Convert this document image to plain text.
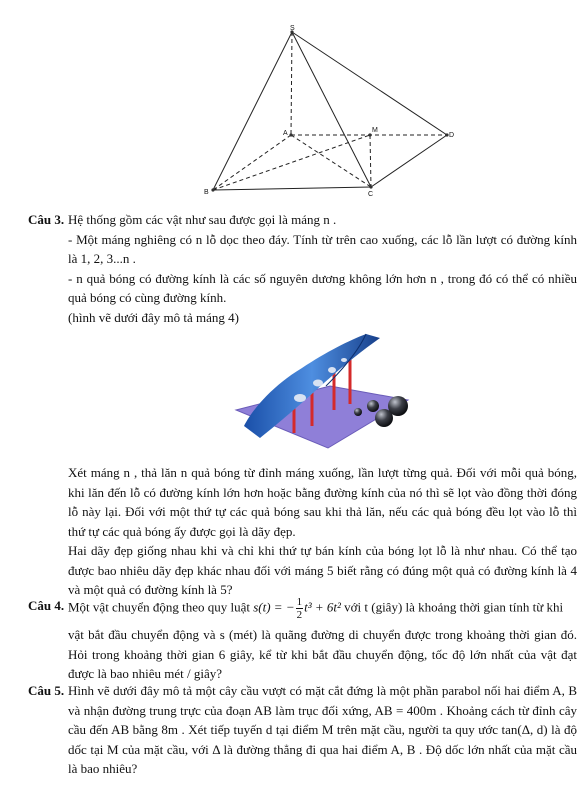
S
A	M
D
B	C
Câu 3. Hệ thống gồm các vật như sau được gọi là máng n .

- Một máng nghiêng có n lỗ dọc theo đáy. Tính từ trên cao xuống, các lỗ lần lượt có đường kính là 1, 2, 3...n .

- n quả bóng có đường kính là các số nguyên dương không lớn hơn n , trong đó có thể có nhiều quả bóng có cùng đường kính.

(hình vẽ dưới đây mô tả máng 4)

Xét máng n , thả lăn n quả bóng từ đỉnh máng xuống, lần lượt từng quả. Đối với mỗi quả bóng, khi lăn đến lỗ có đường kính lớn hơn hoặc bằng đường kính của nó thì sẽ lọt vào đồng thời đóng lỗ này lại. Đối với một thứ tự các quả bóng sau khi thả lăn, nếu các quả bóng đều lọt vào lỗ thì thứ tự các quả bóng ấy được gọi là dãy đẹp.

Hai dãy đẹp giống nhau khi và chỉ khi thứ tự bán kính của bóng lọt lỗ là như nhau. Có thể tạo được bao nhiêu dãy đẹp khác nhau đối với máng 5 biết rằng có đúng một quả có đường kính là 4 và một quả có đường kính là 5?

Câu 4. Một vật chuyển động theo quy luật s(t) = − $\frac{1}{2} t^3 + 6t^2$ với t (giây) là khoảng thời gian tính từ khi

vật bắt đầu chuyển động và s (mét) là quãng đường di chuyển được trong khoảng thời gian đó. Hỏi trong khoảng thời gian 6 giây, kể từ khi bắt đầu chuyển động, tốc độ lớn nhất của vật đạt được là bao nhiêu mét / giây?

Câu 5. Hình vẽ dưới đây mô tả một cây cầu vượt có mặt cắt đứng là một phần parabol nối hai điểm A, B và nhận đường trung trực của đoạn AB làm trục đối xứng, AB = 400m . Khoảng cách từ đỉnh cây cầu đến AB bằng 8m . Xét tiếp tuyến d tại điểm M trên mặt cầu, người ta quy ước tan(Δ, d) là độ dốc tại M của mặt cầu, với Δ là đường thẳng đi qua hai điểm A, B . Độ dốc lớn nhất của mặt cầu là bao nhiêu?
